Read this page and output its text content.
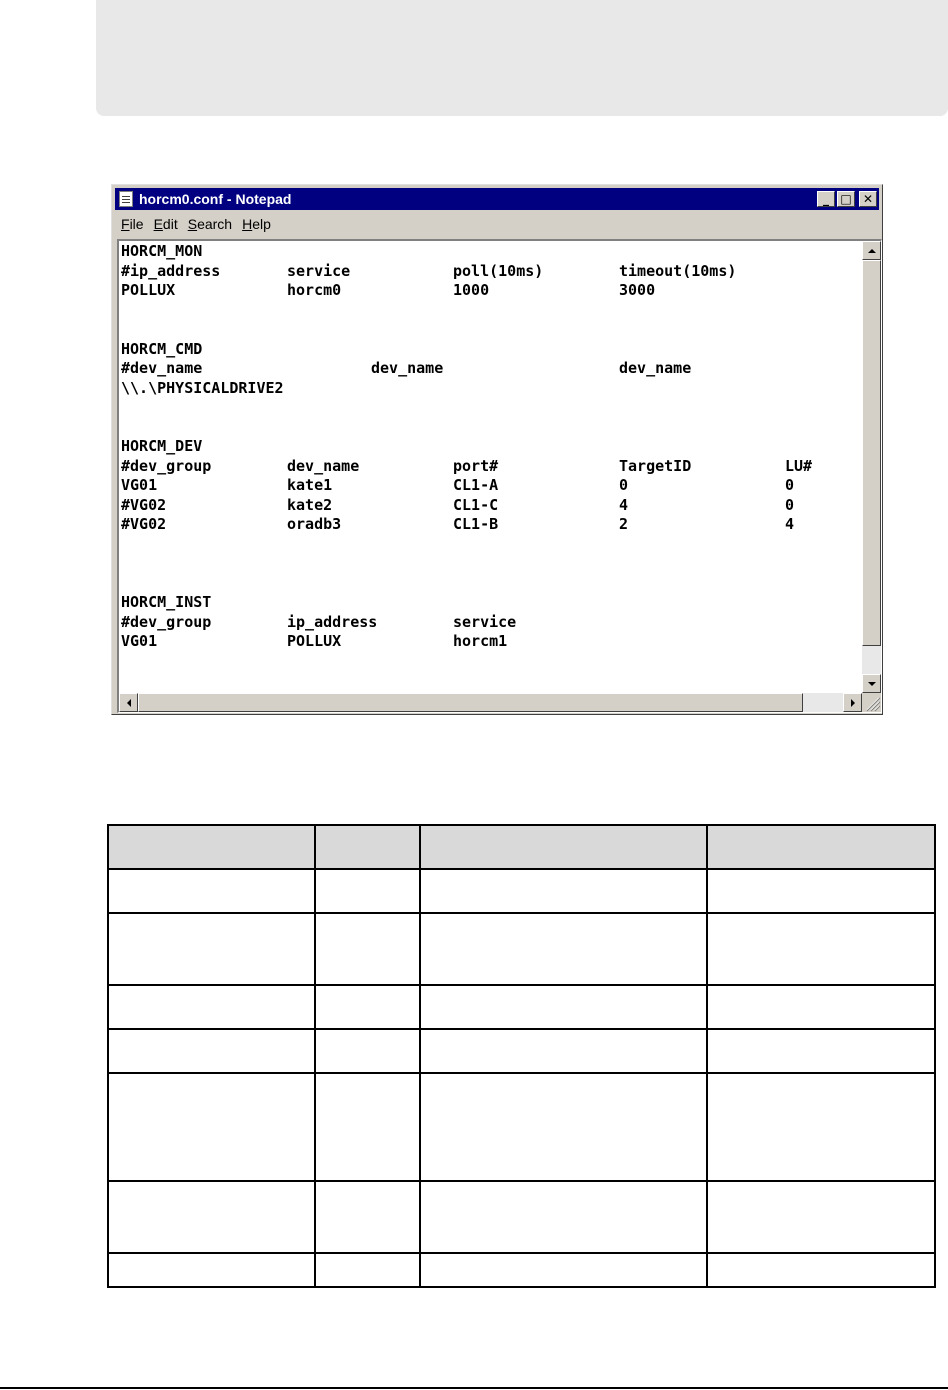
horcm0.conf - Notepad	_ □ ✕
File Edit Search Help
HORCM_MON
#ip_address	service	poll(10ms)	timeout(10ms)
POLLUX	horcm0	1000	3000
HORCM_CMD
#dev_name	dev_name	dev_name
\\.\PHYSICALDRIVE2
HORCM_DEV
#dev_group	dev_name	port#	TargetID	LU#
VG01	kate1	CL1-A	0	0
#VG02	kate2	CL1-C	4	0
#VG02	oradb3	CL1-B	2	4
HORCM_INST
#dev_group	ip_address	service
VG01	POLLUX	horcm1
